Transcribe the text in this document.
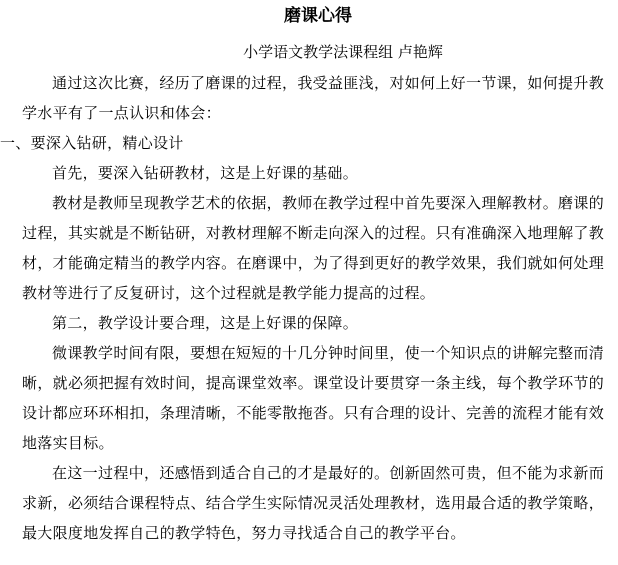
磨课心得
小学语文教学法课程组 卢艳辉

通过这次比赛，经历了磨课的过程，我受益匪浅，对如何上好一节课，如何提升教学水平有了一点认识和体会：

一、要深入钻研，精心设计

首先，要深入钻研教材，这是上好课的基础。

教材是教师呈现教学艺术的依据，教师在教学过程中首先要深入理解教材。磨课的过程，其实就是不断钻研，对教材理解不断走向深入的过程。只有准确深入地理解了教材，才能确定精当的教学内容。在磨课中，为了得到更好的教学效果，我们就如何处理教材等进行了反复研讨，这个过程就是教学能力提高的过程。

第二，教学设计要合理，这是上好课的保障。

微课教学时间有限，要想在短短的十几分钟时间里，使一个知识点的讲解完整而清晰，就必须把握有效时间，提高课堂效率。课堂设计要贯穿一条主线，每个教学环节的设计都应环环相扣，条理清晰，不能零散拖沓。只有合理的设计、完善的流程才能有效地落实目标。

在这一过程中，还感悟到适合自己的才是最好的。创新固然可贵，但不能为求新而求新，必须结合课程特点、结合学生实际情况灵活处理教材，选用最合适的教学策略，最大限度地发挥自己的教学特色，努力寻找适合自己的教学平台。
